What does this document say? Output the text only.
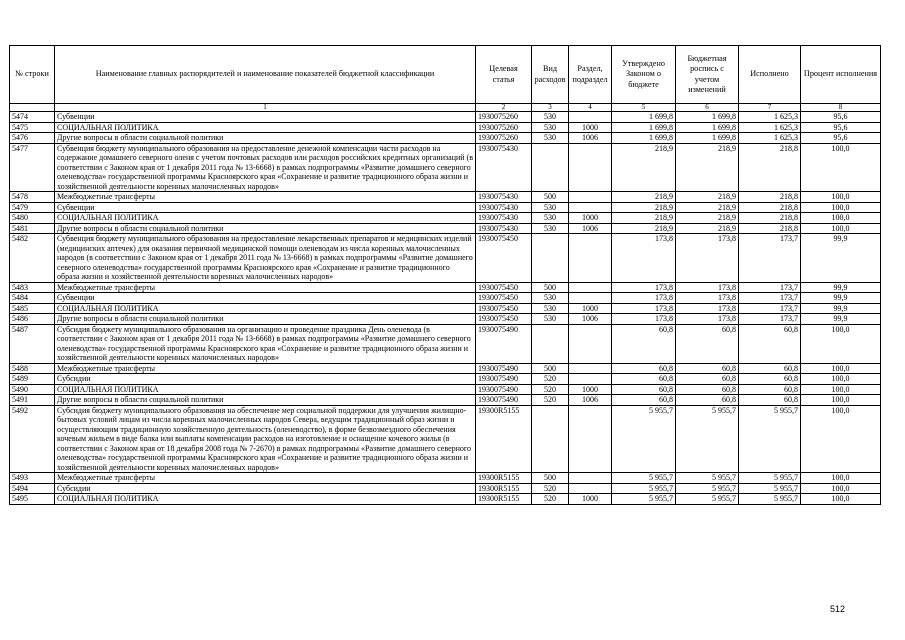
№ строки	Наименование главных распорядителей и наименование показателей бюджетной классификации	Целевая статья	Вид расходов	Раздел, подраздел	Утверждено Законом о бюджете	Бюджетная роспись с учетом изменений	Исполнено	Процент исполнения
	1	2	3	4	5	6	7	8
5474	Субвенции	1930075260	530		1 699,8	1 699,8	1 625,3	95,6
5475	СОЦИАЛЬНАЯ ПОЛИТИКА	1930075260	530	1000	1 699,8	1 699,8	1 625,3	95,6
5476	Другие вопросы в области социальной политики	1930075260	530	1006	1 699,8	1 699,8	1 625,3	95,6
5477	Субвенция бюджету муниципального образования на предоставление денежной компенсации части расходов на содержание домашнего северного оленя с учетом почтовых расходов или расходов российских кредитных организаций (в соответствии с Законом края от 1 декабря 2011 года № 13-6668) в рамках подпрограммы «Развитие домашнего северного оленеводства» государственной программы Красноярского края «Сохранение и развитие традиционного образа жизни и хозяйственной деятельности коренных малочисленных народов»	1930075430			218,9	218,9	218,8	100,0
5478	Межбюджетные трансферты	1930075430	500		218,9	218,9	218,8	100,0
5479	Субвенции	1930075430	530		218,9	218,9	218,8	100,0
5480	СОЦИАЛЬНАЯ ПОЛИТИКА	1930075430	530	1000	218,9	218,9	218,8	100,0
5481	Другие вопросы в области социальной политики	1930075430	530	1006	218,9	218,9	218,8	100,0
5482	Субвенция бюджету муниципального образования на предоставление лекарственных препаратов и медицинских изделий (медицинских аптечек) для оказания первичной медицинской помощи оленеводам из числа коренных малочисленных народов (в соответствии с Законом края от 1 декабря 2011 года № 13-6668) в рамках подпрограммы «Развитие домашнего северного оленеводства» государственной программы Красноярского края «Сохранение и развитие традиционного образа жизни и хозяйственной деятельности коренных малочисленных народов»	1930075450			173,8	173,8	173,7	99,9
5483	Межбюджетные трансферты	1930075450	500		173,8	173,8	173,7	99,9
5484	Субвенции	1930075450	530		173,8	173,8	173,7	99,9
5485	СОЦИАЛЬНАЯ ПОЛИТИКА	1930075450	530	1000	173,8	173,8	173,7	99,9
5486	Другие вопросы в области социальной политики	1930075450	530	1006	173,8	173,8	173,7	99,9
5487	Субсидия бюджету муниципального образования на организацию и проведение праздника День оленевода (в соответствии с Законом края от 1 декабря 2011 года № 13-6668) в рамках подпрограммы «Развитие домашнего северного оленеводства» государственной программы Красноярского края «Сохранение и развитие традиционного образа жизни и хозяйственной деятельности коренных малочисленных народов»	1930075490			60,8	60,8	60,8	100,0
5488	Межбюджетные трансферты	1930075490	500		60,8	60,8	60,8	100,0
5489	Субсидии	1930075490	520		60,8	60,8	60,8	100,0
5490	СОЦИАЛЬНАЯ ПОЛИТИКА	1930075490	520	1000	60,8	60,8	60,8	100,0
5491	Другие вопросы в области социальной политики	1930075490	520	1006	60,8	60,8	60,8	100,0
5492	Субсидия бюджету муниципального образования на обеспечение мер социальной поддержки для улучшения жилищно-бытовых условий лицам из числа коренных малочисленных народов Севера, ведущим традиционный образ жизни и осуществляющим традиционную хозяйственную деятельность (оленеводство), в форме безвозмездного обеспечения кочевым жильем в виде балка или выплаты компенсации расходов на изготовление и оснащение кочевого жилья (в соответствии с Законом края от 18 декабря 2008 года № 7-2670) в рамках подпрограммы «Развитие домашнего северного оленеводства» государственной программы Красноярского края «Сохранение и развитие традиционного образа жизни и хозяйственной деятельности коренных малочисленных народов»	19300R5155			5 955,7	5 955,7	5 955,7	100,0
5493	Межбюджетные трансферты	19300R5155	500		5 955,7	5 955,7	5 955,7	100,0
5494	Субсидии	19300R5155	520		5 955,7	5 955,7	5 955,7	100,0
5495	СОЦИАЛЬНАЯ ПОЛИТИКА	19300R5155	520	1000	5 955,7	5 955,7	5 955,7	100,0
512
